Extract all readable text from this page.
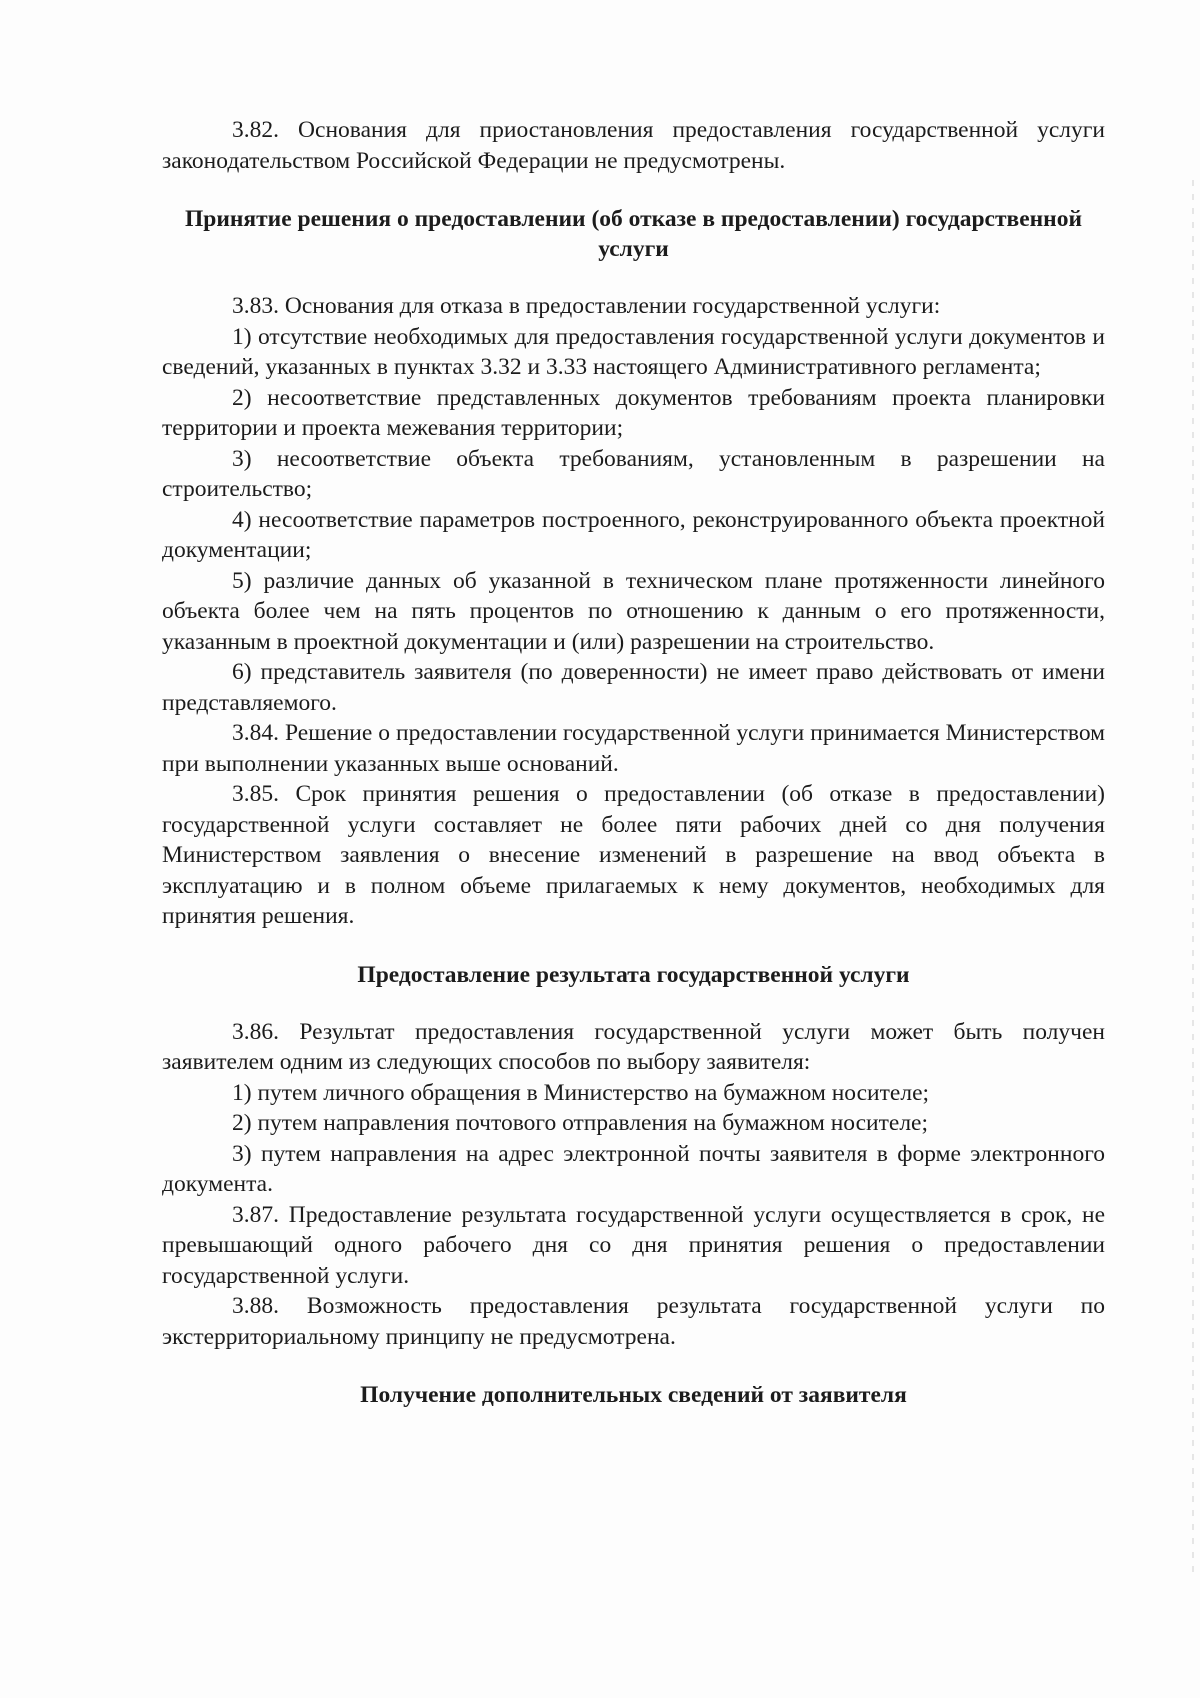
3.82. Основания для приостановления предоставления государственной услуги законодательством Российской Федерации не предусмотрены.

Принятие решения о предоставлении (об отказе в предоставлении) государственной услуги

3.83. Основания для отказа в предоставлении государственной услуги:

1) отсутствие необходимых для предоставления государственной услуги документов и сведений, указанных в пунктах 3.32 и 3.33 настоящего Административного регламента;

2) несоответствие представленных документов требованиям проекта планировки территории и проекта межевания территории;

3) несоответствие объекта требованиям, установленным в разрешении на строительство;

4) несоответствие параметров построенного, реконструированного объекта проектной документации;

5) различие данных об указанной в техническом плане протяженности линейного объекта более чем на пять процентов по отношению к данным о его протяженности, указанным в проектной документации и (или) разрешении на строительство.

6) представитель заявителя (по доверенности) не имеет право действовать от имени представляемого.

3.84. Решение о предоставлении государственной услуги принимается Министерством при выполнении указанных выше оснований.

3.85. Срок принятия решения о предоставлении (об отказе в предоставлении) государственной услуги составляет не более пяти рабочих дней со дня получения Министерством заявления о внесение изменений в разрешение на ввод объекта в эксплуатацию и в полном объеме прилагаемых к нему документов, необходимых для принятия решения.

Предоставление результата государственной услуги

3.86. Результат предоставления государственной услуги может быть получен заявителем одним из следующих способов по выбору заявителя:

1) путем личного обращения в Министерство на бумажном носителе;

2) путем направления почтового отправления на бумажном носителе;

3) путем направления на адрес электронной почты заявителя в форме электронного документа.

3.87. Предоставление результата государственной услуги осуществляется в срок, не превышающий одного рабочего дня со дня принятия решения о предоставлении государственной услуги.

3.88. Возможность предоставления результата государственной услуги по экстерриториальному принципу не предусмотрена.

Получение дополнительных сведений от заявителя
